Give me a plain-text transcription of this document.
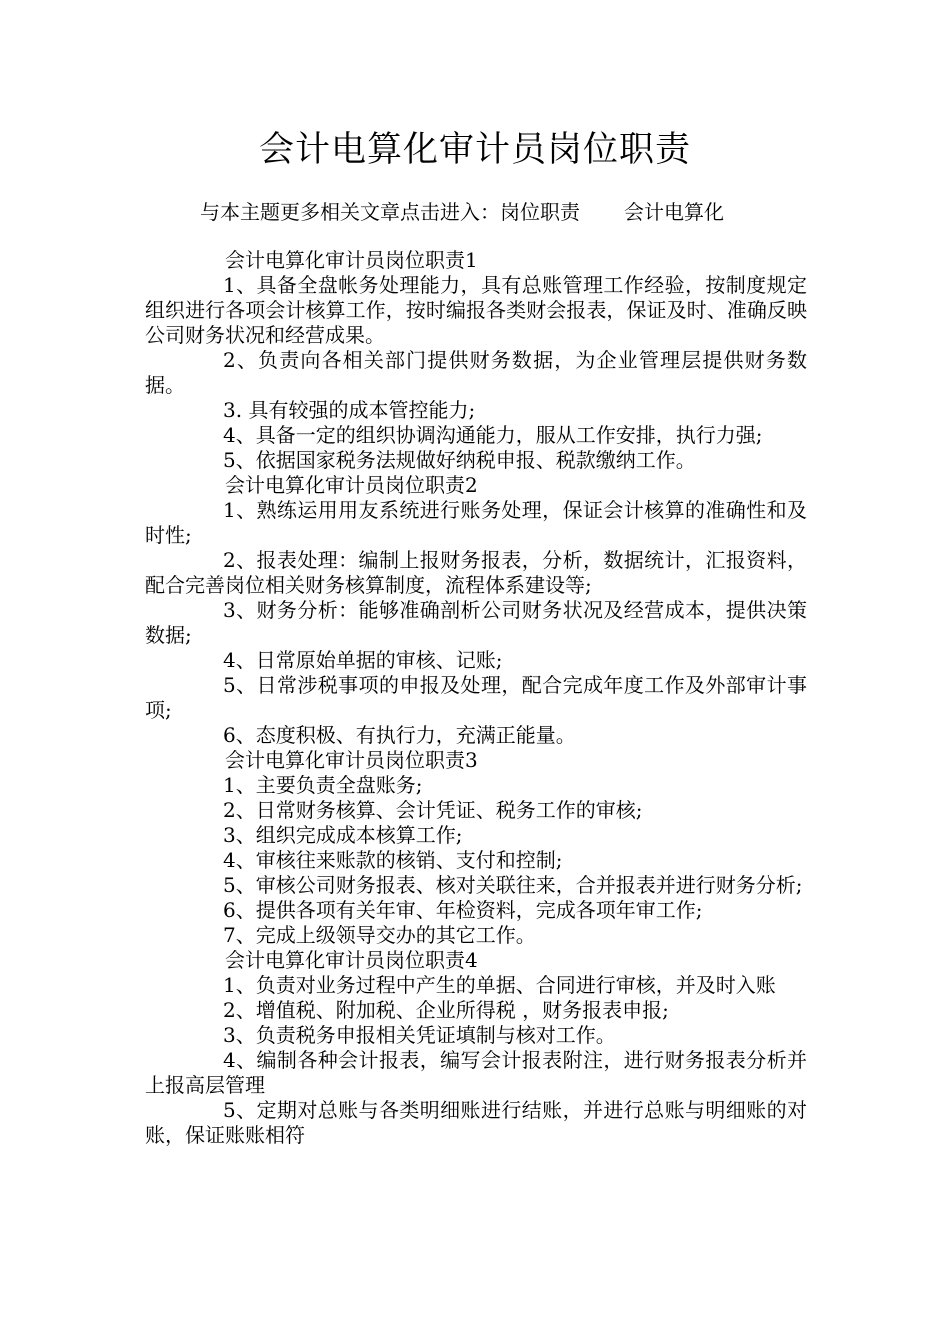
会计电算化审计员岗位职责
与本主题更多相关文章点击进入：岗位职责 会计电算化
会计电算化审计员岗位职责1
1、具备全盘帐务处理能力，具有总账管理工作经验，按制度规定组织进行各项会计核算工作，按时编报各类财会报表，保证及时、准确反映公司财务状况和经营成果。
2、负责向各相关部门提供财务数据，为企业管理层提供财务数据。
3. 具有较强的成本管控能力;
4、具备一定的组织协调沟通能力，服从工作安排，执行力强;
5、依据国家税务法规做好纳税申报、税款缴纳工作。
会计电算化审计员岗位职责2
1、熟练运用用友系统进行账务处理，保证会计核算的准确性和及时性;
2、报表处理：编制上报财务报表，分析，数据统计，汇报资料，配合完善岗位相关财务核算制度，流程体系建设等;
3、财务分析：能够准确剖析公司财务状况及经营成本，提供决策数据;
4、日常原始单据的审核、记账;
5、日常涉税事项的申报及处理，配合完成年度工作及外部审计事项;
6、态度积极、有执行力，充满正能量。
会计电算化审计员岗位职责3
1、主要负责全盘账务;
2、日常财务核算、会计凭证、税务工作的审核;
3、组织完成成本核算工作;
4、审核往来账款的核销、支付和控制;
5、审核公司财务报表、核对关联往来，合并报表并进行财务分析;
6、提供各项有关年审、年检资料，完成各项年审工作;
7、完成上级领导交办的其它工作。
会计电算化审计员岗位职责4
1、负责对业务过程中产生的单据、合同进行审核，并及时入账
2、增值税、附加税、企业所得税 ，财务报表申报;
3、负责税务申报相关凭证填制与核对工作。
4、编制各种会计报表，编写会计报表附注，进行财务报表分析并上报高层管理
5、定期对总账与各类明细账进行结账，并进行总账与明细账的对账，保证账账相符
